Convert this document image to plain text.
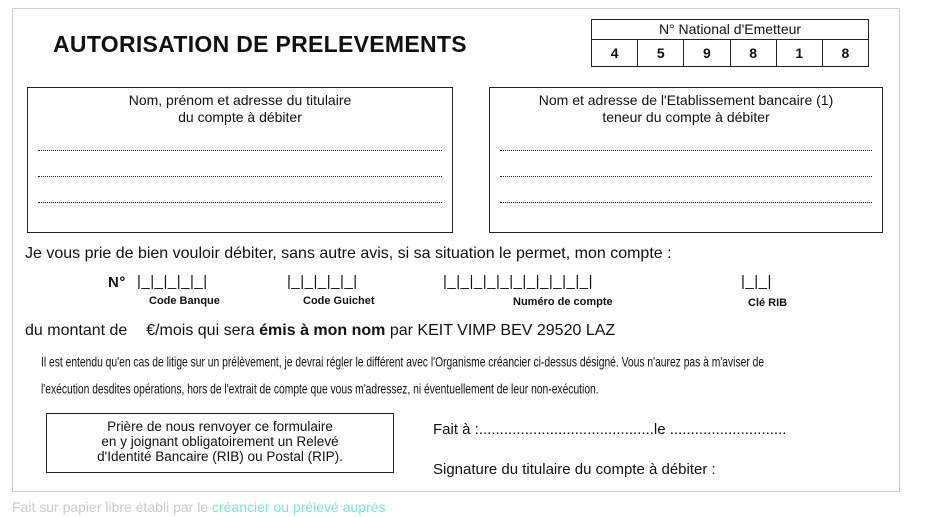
AUTORISATION DE PRELEVEMENTS
N° National d'Emetteur
4	5	9	8	1	8
Nom, prénom et adresse du titulaire
du compte à débiter
Nom et adresse de l'Etablissement bancaire (1)
teneur du compte à débiter
Je vous prie de bien vouloir débiter, sans autre avis, si sa situation le permet, mon compte :
N° |_|_|_|_|_|	|_|_|_|_|_|	|_|_|_|_|_|_|_|_|_|_|_|	|_|_|
Code Banque	Code Guichet	Numéro de compte	Clé RIB
du montant de €/mois qui sera émis à mon nom par KEIT VIMP BEV 29520 LAZ
Il est entendu qu'en cas de litige sur un prélèvement, je devrai régler le différent avec l'Organisme créancier ci-dessus désigné. Vous n'aurez pas à m'aviser de
l'exécution desdites opérations, hors de l'extrait de compte que vous m'adressez, ni éventuellement de leur non-exécution.
Prière de nous renvoyer ce formulaire
en y joignant obligatoirement un Relevé
d'Identité Bancaire (RIB) ou Postal (RIP).
Fait à :..........................................le ............................
Signature du titulaire du compte à débiter :
Fait sur papier libre établi par le créancier ou prélevé auprès
